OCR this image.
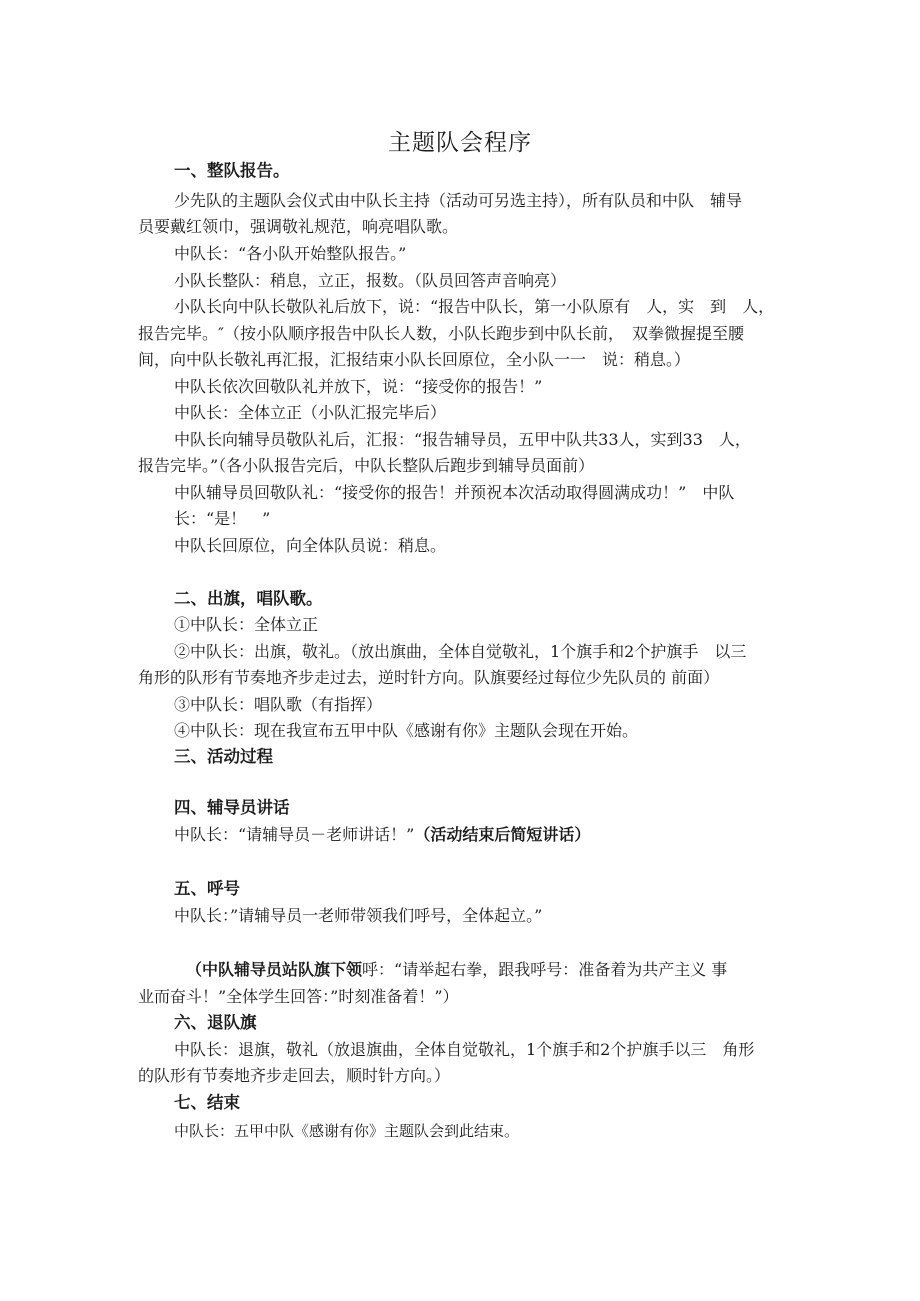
主题队会程序
一、整队报告。
少先队的主题队会仪式由中队长主持（活动可另选主持），所有队员和中队　辅导
员要戴红领巾，强调敬礼规范，响亮唱队歌。
中队长：“各小队开始整队报告。”
小队长整队：稍息，立正，报数。（队员回答声音响亮）
小队长向中队长敬队礼后放下，说：“报告中队长，第一小队原有　人，实　到　人，
报告完毕。″（按小队顺序报告中队长人数，小队长跑步到中队长前，　双拳微握提至腰
间，向中队长敬礼再汇报，汇报结束小队长回原位，全小队一一　说：稍息。）
中队长依次回敬队礼并放下，说：“接受你的报告！”
中队长：全体立正（小队汇报完毕后）
中队长向辅导员敬队礼后，汇报：“报告辅导员，五甲中队共33人，实到33　人，
报告完毕。”（各小队报告完后，中队长整队后跑步到辅导员面前）
中队辅导员回敬队礼：“接受你的报告！并预祝本次活动取得圆满成功！”　中队
长：“是！　”
中队长回原位，向全体队员说：稍息。
二、出旗，唱队歌。
①中队长：全体立正
②中队长：出旗，敬礼。（放出旗曲，全体自觉敬礼，1个旗手和2个护旗手　以三
角形的队形有节奏地齐步走过去，逆时针方向。队旗要经过每位少先队员的 前面）
③中队长：唱队歌（有指挥）
④中队长：现在我宣布五甲中队《感谢有你》主题队会现在开始。
三、活动过程
四、辅导员讲话
中队长：“请辅导员－老师讲话！”（活动结束后简短讲话）
五、呼号
中队长：”请辅导员一老师带领我们呼号，全体起立。”
（中队辅导员站队旗下领呼：“请举起右拳，跟我呼号：准备着为共产主义 事
业而奋斗！”全体学生回答：”时刻准备着！”）
六、退队旗
中队长：退旗，敬礼（放退旗曲，全体自觉敬礼，1个旗手和2个护旗手以三　角形
的队形有节奏地齐步走回去，顺时针方向。）
七、结束
中队长：五甲中队《感谢有你》主题队会到此结束。
